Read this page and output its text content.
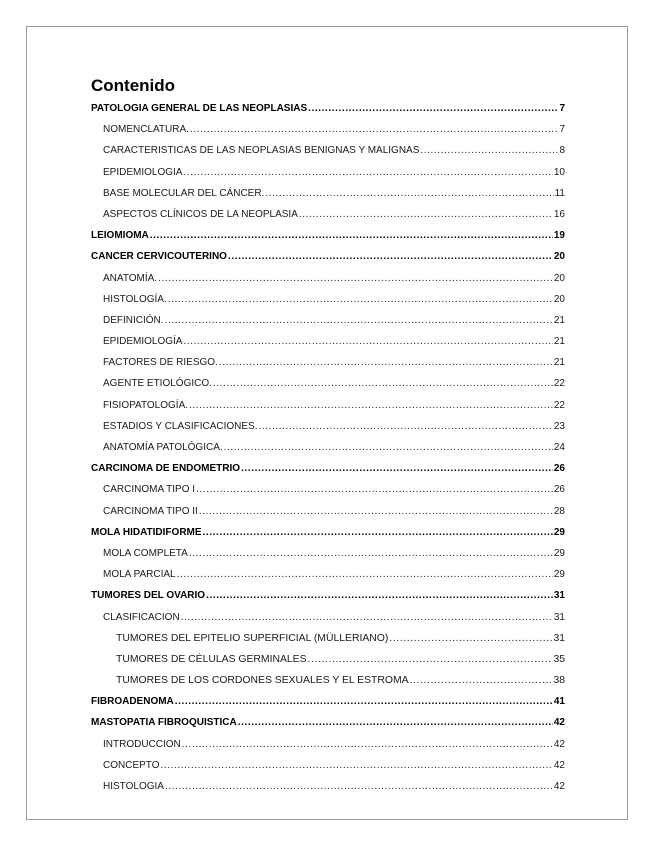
Contenido
PATOLOGIA GENERAL DE LAS NEOPLASIAS .....	7
NOMENCLATURA. .....	7
CARACTERISTICAS DE LAS NEOPLASIAS BENIGNAS Y MALIGNAS .....	8
EPIDEMIOLOGIA .....	10
BASE MOLECULAR DEL CÁNCER. .....	11
ASPECTOS CLÍNICOS DE LA NEOPLASIA .....	16
LEIOMIOMA .....	19
CANCER CERVICOUTERINO .....	20
ANATOMÍA. .....	20
HISTOLOGÍA. .....	20
DEFINICIÓN. .....	21
EPIDEMIOLOGÍA .....	21
FACTORES DE RIESGO. .....	21
AGENTE ETIOLÓGICO. .....	22
FISIOPATOLOGÍA. .....	22
ESTADIOS Y CLASIFICACIONES. .....	23
ANATOMÍA PATOLÓGICA. .....	24
CARCINOMA DE ENDOMETRIO .....	26
CARCINOMA TIPO I .....	26
CARCINOMA TIPO II .....	28
MOLA HIDATIDIFORME .....	29
MOLA COMPLETA .....	29
MOLA PARCIAL .....	29
TUMORES DEL OVARIO .....	31
CLASIFICACION .....	31
TUMORES DEL EPITELIO SUPERFICIAL (MÜLLERIANO) .....	31
TUMORES DE CÉLULAS GERMINALES .....	35
TUMORES DE LOS CORDONES SEXUALES Y EL ESTROMA .....	38
FIBROADENOMA .....	41
MASTOPATIA FIBROQUISTICA .....	42
INTRODUCCION .....	42
CONCEPTO .....	42
HISTOLOGIA .....	42
